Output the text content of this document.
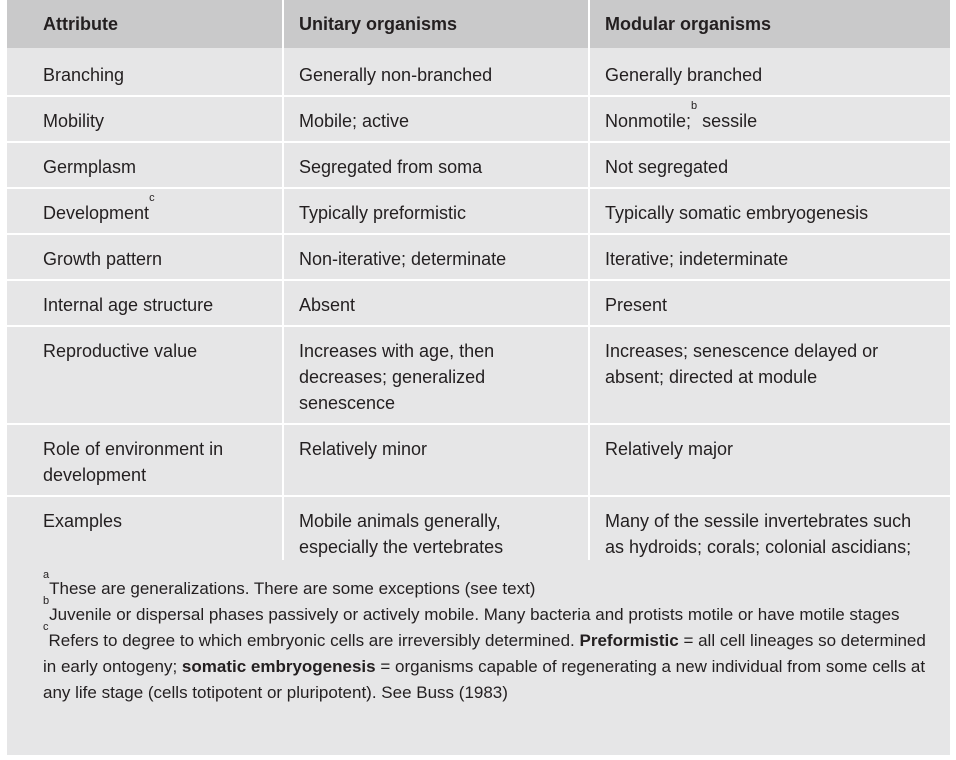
Attribute	Unitary organisms	Modular organisms
Branching	Generally non-branched	Generally branched
Mobility	Mobile; active	Nonmotile;$^b$ sessile
Germplasm	Segregated from soma	Not segregated
Development$^c$	Typically preformistic	Typically somatic embryogenesis
Growth pattern	Non-iterative; determinate	Iterative; indeterminate
Internal age structure	Absent	Present
Reproductive value	Increases with age, then decreases; generalized senescence	Increases; senescence delayed or absent; directed at module
Role of environment in development	Relatively minor	Relatively major
Examples	Mobile animals generally, especially the vertebrates	Many of the sessile invertebrates such as hydroids; corals; colonial ascidians;
$^a$These are generalizations. There are some exceptions (see text)
$^b$Juvenile or dispersal phases passively or actively mobile. Many bacteria and protists motile or have motile stages
$^c$Refers to degree to which embryonic cells are irreversibly determined. Preformistic = all cell lineages so determined in early ontogeny; somatic embryogenesis = organisms capable of regenerating a new individual from some cells at any life stage (cells totipotent or pluripotent). See Buss (1983)
